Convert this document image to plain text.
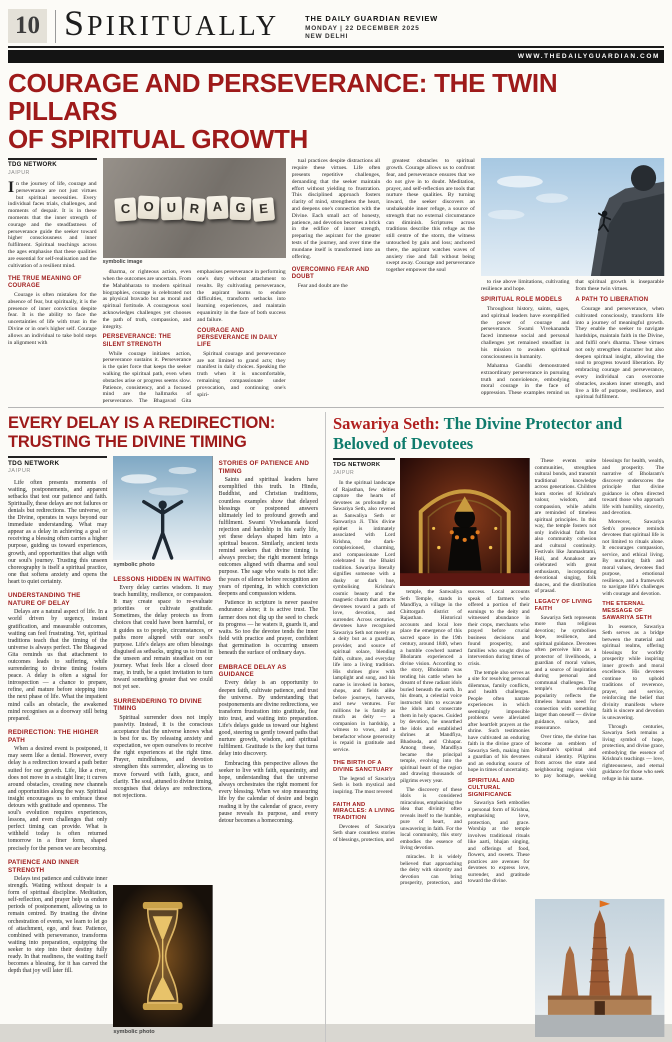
10 SPIRITUALLY	THE DAILY GUARDIAN REVIEW
MONDAY | 22 DECEMBER 2025
NEW DELHI
WWW.THEDAILYGUARDIAN.COM
COURAGE AND PERSEVERANCE: THE TWIN PILLARS
OF SPIRITUAL GROWTH
TDG NETWORK
JAIPUR

In the journey of life, courage and perseverance are not just virtues but spiritual necessities. Every individual faces trials, challenges, and moments of despair. It is in these moments that the inner strength of courage and the steadfastness of perseverance guide the seeker toward higher consciousness and inner fulfilment. Spiritual teachings across the ages emphasise that these qualities are essential for self-realisation and the cultivation of a resilient mind.

THE TRUE MEANING OF COURAGE

Courage is often mistaken for the absence of fear, but spiritually, it is the presence of inner conviction despite fear. It is the ability to face the uncertainties of life with trust in the Divine or in one's higher self. Courage allows an individual to take bold steps in alignment with

C O U R A G E
symbolic image

dharma, or righteous action, even when the outcomes are uncertain. From the Mahabharata to modern spiritual biographies, courage is celebrated not as physical bravado but as moral and spiritual fortitude. A courageous soul acknowledges challenges yet chooses the path of truth, compassion, and integrity.

PERSEVERANCE: THE SILENT STRENGTH

While courage initiates action, perseverance sustains it. Perseverance is the quiet force that keeps the seeker walking the spiritual path, even when obstacles arise or progress seems slow. Patience, consistency, and a focused mind are the hallmarks of perseverance. The Bhagavad Gita emphasises perseverance in performing one's duty without attachment to results. By cultivating perseverance, the aspirant learns to endure difficulties, transform setbacks into learning experiences, and maintain equanimity in the face of both success and failure.

COURAGE AND PERSEVERANCE IN DAILY LIFE

Spiritual courage and perseverance are not limited to grand acts; they manifest in daily choices. Speaking the truth when it is uncomfortable, remaining compassionate under provocation, and continuing one's spiri-

tual practices despite distractions all require these virtues. Life often presents repetitive challenges, demanding that the seeker maintain effort without yielding to frustration. This disciplined approach fosters clarity of mind, strengthens the heart, and deepens one's connection with the Divine. Each small act of honesty, patience, and devotion becomes a brick in the edifice of inner strength, preparing the aspirant for the greater tests of the journey, and over time the mundane itself is transformed into an offering.

OVERCOMING FEAR AND DOUBT

Fear and doubt are the

greatest obstacles to spiritual growth. Courage allows us to confront fear, and perseverance ensures that we do not give in to doubt. Meditation, prayer, and self-reflection are tools that nurture these qualities. By turning inward, the seeker discovers an unshakeable inner refuge, a source of strength that no external circumstance can diminish. Scriptures across traditions describe this refuge as the still centre of the storm, the witness untouched by gain and loss; anchored there, the aspirant watches waves of anxiety rise and fall without being swept away. Courage and perseverance together empower the soul

to rise above limitations, cultivating resilience and hope.

SPIRITUAL ROLE MODELS

Throughout history, saints, sages, and spiritual leaders have exemplified the power of courage and perseverance. Swami Vivekananda faced immense social and personal challenges yet remained steadfast in his mission to awaken spiritual consciousness in humanity.

Mahatma Gandhi demonstrated extraordinary perseverance in pursuing truth and nonviolence, embodying moral courage in the face of oppression. These examples remind us that spiritual growth is inseparable from these twin virtues.

A PATH TO LIBERATION

Courage and perseverance, when cultivated consciously, transform life into a journey of meaningful growth. They enable the seeker to navigate hardships, maintain faith in the Divine, and fulfil one's dharma. These virtues not only strengthen character but also deepen spiritual insight, allowing the soul to progress toward liberation. By embracing courage and perseverance, every individual can overcome obstacles, awaken inner strength, and live a life of purpose, resilience, and spiritual fulfilment.

EVERY DELAY IS A REDIRECTION:
TRUSTING THE DIVINE TIMING
TDG NETWORK
JAIPUR

Life often presents moments of waiting, postponements, and apparent setbacks that test our patience and faith. Spiritually, these delays are not failures or denials but redirections. The universe, or the Divine, operates in ways beyond our immediate understanding. What may appear as a delay in achieving a goal or receiving a blessing often carries a higher purpose, guiding us toward experiences, growth, and opportunities that align with our soul's journey. Trusting this unseen choreography is itself a spiritual practice, one that softens anxiety and opens the heart to quiet certainty.

UNDERSTANDING THE NATURE OF DELAY

Delays are a natural aspect of life. In a world driven by urgency, instant gratification, and measurable outcomes, waiting can feel frustrating. Yet, spiritual traditions teach that the timing of the universe is always perfect. The Bhagavad Gita reminds us that attachment to outcomes leads to suffering, while surrendering to divine timing fosters peace. A delay is often a signal for introspection — a chance to prepare, refine, and mature before stepping into the next phase of life. What the impatient mind calls an obstacle, the awakened mind recognises as a doorway still being prepared.

REDIRECTION: THE HIGHER PATH

When a desired event is postponed, it may seem like a denial. However, every delay is a redirection toward a path better suited for our growth. Life, like a river, does not move in a straight line; it curves around obstacles, creating new channels and opportunities along the way. Spiritual insight encourages us to embrace these detours with gratitude and openness. The soul's evolution requires experiences, lessons, and even challenges that only perfect timing can provide. What is withheld today is often returned tomorrow in a finer form, shaped precisely for the person we are becoming.

PATIENCE AND INNER STRENGTH

Delays test patience and cultivate inner strength. Waiting without despair is a form of spiritual discipline. Meditation, self-reflection, and prayer help us endure periods of postponement, allowing us to remain centred. By trusting the divine orchestration of events, we learn to let go of attachment, ego, and fear. Patience, combined with perseverance, transforms waiting into preparation, equipping the seeker to step into their destiny fully ready. In that readiness, the waiting itself becomes a blessing, for it has carved the depth that joy will later fill.

symbolic photo
LESSONS HIDDEN IN WAITING

Every delay carries wisdom. It may teach humility, resilience, or compassion. It may create space to re-evaluate priorities or cultivate gratitude. Sometimes, the delay protects us from choices that could have been harmful, or it guides us to people, circumstances, or paths more aligned with our soul's purpose. Life's delays are often blessings disguised as setbacks, urging us to trust in the unseen and remain steadfast on our journey. What feels like a closed door may, in truth, be a quiet invitation to turn toward something greater that we could not yet see.

SURRENDERING TO DIVINE TIMING

Spiritual surrender does not imply passivity. Instead, it is the conscious acceptance that the universe knows what is best for us. By releasing anxiety and expectation, we open ourselves to receive the right experiences at the right time. Prayer, mindfulness, and devotion strengthen this surrender, allowing us to move forward with faith, grace, and clarity. The soul, attuned to divine timing, recognises that delays are redirections, not rejections.

symbolic photo
STORIES OF PATIENCE AND TIMING

Saints and spiritual leaders have exemplified this truth. In Hindu, Buddhist, and Christian traditions, countless examples show that delayed blessings or postponed answers ultimately led to profound growth and fulfilment. Swami Vivekananda faced rejection and hardship in his early life, yet these delays shaped him into a spiritual beacon. Similarly, ancient texts remind seekers that divine timing is always precise; the right moment brings outcomes aligned with dharma and soul purpose. The sage who waits is not idle: the years of silence before recognition are years of ripening, in which conviction deepens and compassion widens.

Patience in scripture is never passive endurance alone; it is active trust. The farmer does not dig up the seed to check its progress — he waters it, guards it, and waits. So too the devotee tends the inner field with practice and prayer, confident that germination is occurring unseen beneath the surface of ordinary days.

EMBRACE DELAY AS GUIDANCE

Every delay is an opportunity to deepen faith, cultivate patience, and trust the universe. By understanding that postponements are divine redirections, we transform frustration into gratitude, fear into trust, and waiting into preparation. Life's delays guide us toward our highest good, steering us gently toward paths that nurture growth, wisdom, and spiritual fulfilment. Gratitude is the key that turns delay into discovery.

Embracing this perspective allows the seeker to live with faith, equanimity, and hope, understanding that the universe always orchestrates the right moment for every blessing. When we stop measuring life by the calendar of desire and begin reading it by the calendar of grace, every pause reveals its purpose, and every detour becomes a homecoming.

Sawariya Seth: The Divine Protector and Beloved of Devotees
TDG NETWORK
JAIPUR

In the spiritual landscape of Rajasthan, few deities capture the hearts of devotees as profoundly as Sawariya Seth, also revered as Sanwaliya Seth or Sanwariya Ji. This divine epithet is intimately associated with Lord Krishna, the dark-complexioned, charming, and compassionate Lord celebrated in the Bhakti tradition. Sawariya literally signifies someone with a dusky or dark hue, symbolising Krishna's cosmic beauty and the magnetic charm that attracts devotees toward a path of love, devotion, and surrender. Across centuries, devotees have recognised Sawariya Seth not merely as a deity but as a guardian, provider, and source of spiritual solace, blending faith, culture, and everyday life into a living tradition. His shrines glow with lamplight and song, and his name is invoked in homes, shops, and fields alike before journeys, harvests, and new ventures. For millions he is family as much as deity — a companion in hardship, a witness to vows, and a benefactor whose generosity is repaid in gratitude and service.

THE BIRTH OF A DIVINE SANCTUARY

The legend of Sawariya Seth is both mystical and inspiring. The most revered

FAITH AND MIRACLES: A LIVING TRADITION

Devotees of Sawariya Seth share countless stories of blessings, protection, and

temple, the Sanwaliya Seth Temple, stands in Mandfiya, a village in the Chittorgarh district of Rajasthan. Historical accounts and local lore place the emergence of this sacred space in the 19th century, around 1840, when a humble cowherd named Bholaram experienced a divine vision. According to the story, Bholaram was tending his cattle when he dreamt of three radiant idols buried beneath the earth. In his dream, a celestial voice instructed him to excavate the idols and consecrate them in holy spaces. Guided by devotion, he unearthed the idols and established shrines at Mandfiya, Bhadsoda, and Chhapar. Among these, Mandfiya became the principal temple, evolving into the spiritual heart of the region and drawing thousands of pilgrims every year.

The discovery of these idols is considered miraculous, emphasising the idea that divinity often reveals itself to the humble, pure of heart, and unwavering in faith. For the local community, this story embodies the essence of living devotion.

miracles. It is widely believed that approaching the deity with sincerity and devotion can bring prosperity, protection, and success. Local accounts speak of farmers who offered a portion of their earnings to the deity and witnessed abundance in their crops, merchants who prayed before crucial business decisions and found prosperity, and families who sought divine intervention during times of crisis.

The temple also serves as a site for resolving personal dilemmas, family conflicts, and health challenges. People often narrate experiences in which seemingly impossible problems were alleviated after heartfelt prayers at the shrine. Such testimonies have cultivated an enduring faith in the divine grace of Sawariya Seth, making him a guardian of his devotees and an enduring source of hope in times of uncertainty.

SPIRITUAL AND CULTURAL SIGNIFICANCE

Sawariya Seth embodies a personal form of Krishna, emphasising love, protection, and grace. Worship at the temple involves traditional rituals like aarti, bhajan singing, and offerings of food, flowers, and sweets. These practices are avenues for devotees to express love, surrender, and gratitude toward the divine.

These events unite communities, strengthen cultural bonds, and transmit traditional knowledge across generations. Children learn stories of Krishna's valour, wisdom, and compassion, while adults are reminded of timeless spiritual principles. In this way, the temple fosters not only individual faith but also community cohesion and cultural continuity. Festivals like Janmashtami, Holi, and Annakoot are celebrated with great enthusiasm, incorporating devotional singing, folk dances, and the distribution of prasad.

LEGACY OF LIVING FAITH

Sawariya Seth represents more than religious devotion; he symbolises hope, resilience, and spiritual guidance. Devotees often perceive him as a protector of livelihoods, a guardian of moral values, and a source of inspiration during personal and communal challenges. The temple's enduring popularity reflects the timeless human need for connection with something larger than oneself — divine guidance, solace, and reassurance.

Over time, the shrine has become an emblem of Rajasthan's spiritual and cultural identity. Pilgrims from across the state and neighbouring regions visit to pay homage, seeking blessings for health, wealth, and prosperity. The narrative of Bholaram's discovery underscores the principle that divine guidance is often directed toward those who approach life with humility, sincerity, and devotion.

Moreover, Sawariya Seth's presence reminds devotees that spiritual life is not limited to rituals alone. It encourages compassion, service, and ethical living. By nurturing faith and moral values, devotees find purpose, emotional resilience, and a framework to navigate life's challenges with courage and devotion.

THE ETERNAL MESSAGE OF SAWARIYA SETH

In essence, Sawariya Seth serves as a bridge between the material and spiritual realms, offering blessings for worldly prosperity while inspiring inner growth and moral excellence. His devotees continue to uphold traditions of reverence, prayer, and service, reinforcing the belief that divinity manifests where faith is sincere and devotion is unwavering.

Through centuries, Sawariya Seth remains a living symbol of hope, protection, and divine grace, embodying the essence of Krishna's teachings — love, righteousness, and eternal guidance for those who seek refuge in his name.
